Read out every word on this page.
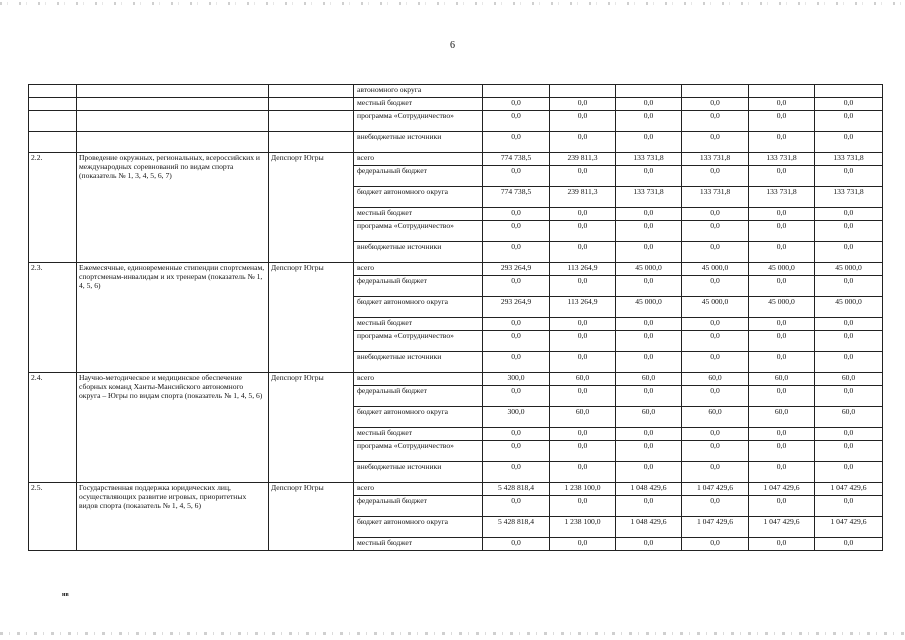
6
			автономного округа						
			местный бюджет	0,0	0,0	0,0	0,0	0,0	0,0
			программа «Сотрудничество»	0,0	0,0	0,0	0,0	0,0	0,0
			внебюджетные источники	0,0	0,0	0,0	0,0	0,0	0,0
2.2.	Проведение окружных, региональных, всероссийских и международных соревнований по видам спорта (показатель № 1, 3, 4, 5, 6, 7)	Депспорт Югры	всего	774 738,5	239 811,3	133 731,8	133 731,8	133 731,8	133 731,8
			федеральный бюджет	0,0	0,0	0,0	0,0	0,0	0,0
			бюджет автономного округа	774 738,5	239 811,3	133 731,8	133 731,8	133 731,8	133 731,8
			местный бюджет	0,0	0,0	0,0	0,0	0,0	0,0
			программа «Сотрудничество»	0,0	0,0	0,0	0,0	0,0	0,0
			внебюджетные источники	0,0	0,0	0,0	0,0	0,0	0,0
2.3.	Ежемесячные, единовременные стипендии спортсменам, спортсменам-инвалидам и их тренерам (показатель № 1, 4, 5, 6)	Депспорт Югры	всего	293 264,9	113 264,9	45 000,0	45 000,0	45 000,0	45 000,0
			федеральный бюджет	0,0	0,0	0,0	0,0	0,0	0,0
			бюджет автономного округа	293 264,9	113 264,9	45 000,0	45 000,0	45 000,0	45 000,0
			местный бюджет	0,0	0,0	0,0	0,0	0,0	0,0
			программа «Сотрудничество»	0,0	0,0	0,0	0,0	0,0	0,0
			внебюджетные источники	0,0	0,0	0,0	0,0	0,0	0,0
2.4.	Научно-методическое и медицинское обеспечение сборных команд Ханты-Мансийского автономного округа – Югры по видам спорта (показатель № 1, 4, 5, 6)	Депспорт Югры	всего	300,0	60,0	60,0	60,0	60,0	60,0
			федеральный бюджет	0,0	0,0	0,0	0,0	0,0	0,0
			бюджет автономного округа	300,0	60,0	60,0	60,0	60,0	60,0
			местный бюджет	0,0	0,0	0,0	0,0	0,0	0,0
			программа «Сотрудничество»	0,0	0,0	0,0	0,0	0,0	0,0
			внебюджетные источники	0,0	0,0	0,0	0,0	0,0	0,0
2.5.	Государственная поддержка юридических лиц, осуществляющих развитие игровых, приоритетных видов спорта (показатель № 1, 4, 5, 6)	Депспорт Югры	всего	5 428 818,4	1 238 100,0	1 048 429,6	1 047 429,6	1 047 429,6	1 047 429,6
			федеральный бюджет	0,0	0,0	0,0	0,0	0,0	0,0
			бюджет автономного округа	5 428 818,4	1 238 100,0	1 048 429,6	1 047 429,6	1 047 429,6	1 047 429,6
			местный бюджет	0,0	0,0	0,0	0,0	0,0	0,0
нв
